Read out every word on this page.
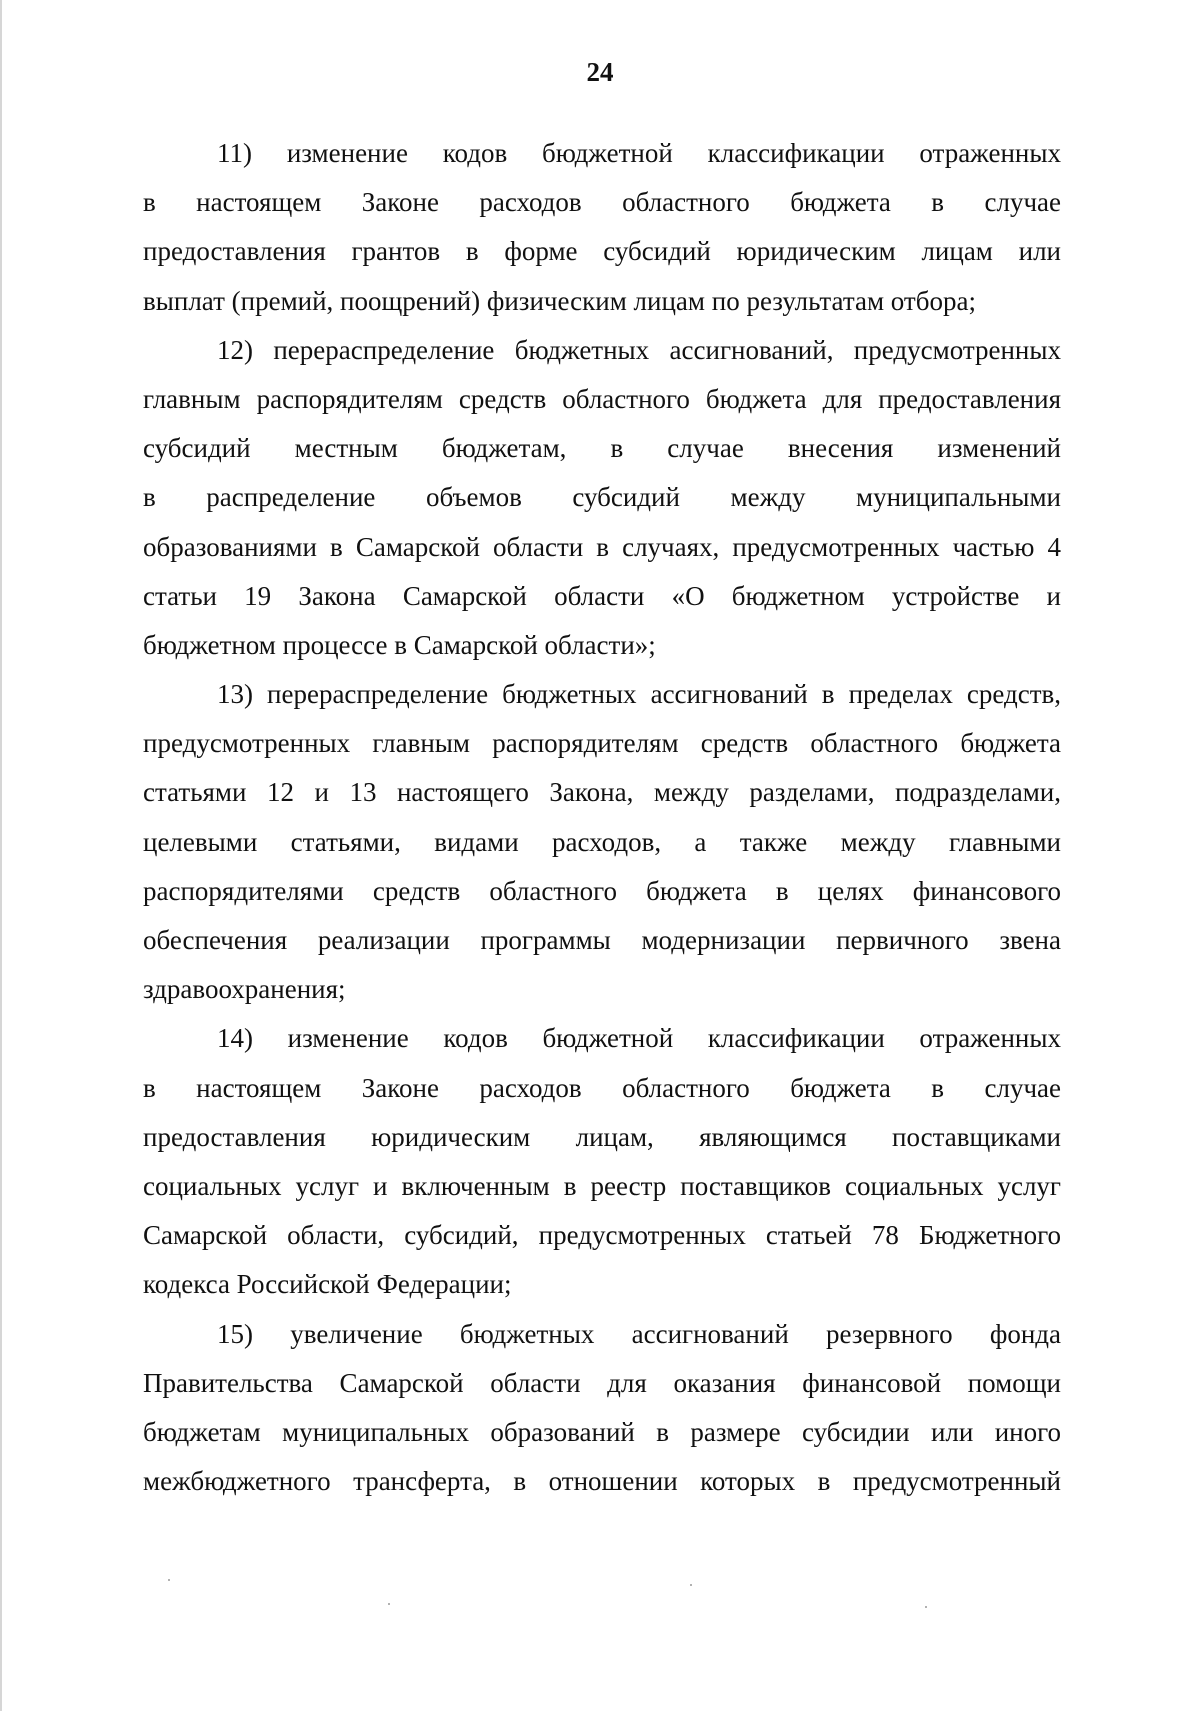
24
11) изменение кодов бюджетной классификации отраженных
в настоящем Законе расходов областного бюджета в случае
предоставления грантов в форме субсидий юридическим лицам или
выплат (премий, поощрений) физическим лицам по результатам отбора;
12) перераспределение бюджетных ассигнований, предусмотренных
главным распорядителям средств областного бюджета для предоставления
субсидий местным бюджетам, в случае внесения изменений
в распределение объемов субсидий между муниципальными
образованиями в Самарской области в случаях, предусмотренных частью 4
статьи 19 Закона Самарской области «О бюджетном устройстве и
бюджетном процессе в Самарской области»;
13) перераспределение бюджетных ассигнований в пределах средств,
предусмотренных главным распорядителям средств областного бюджета
статьями 12 и 13 настоящего Закона, между разделами, подразделами,
целевыми статьями, видами расходов, а также между главными
распорядителями средств областного бюджета в целях финансового
обеспечения реализации программы модернизации первичного звена
здравоохранения;
14) изменение кодов бюджетной классификации отраженных
в настоящем Законе расходов областного бюджета в случае
предоставления юридическим лицам, являющимся поставщиками
социальных услуг и включенным в реестр поставщиков социальных услуг
Самарской области, субсидий, предусмотренных статьей 78 Бюджетного
кодекса Российской Федерации;
15) увеличение бюджетных ассигнований резервного фонда
Правительства Самарской области для оказания финансовой помощи
бюджетам муниципальных образований в размере субсидии или иного
межбюджетного трансферта, в отношении которых в предусмотренный
